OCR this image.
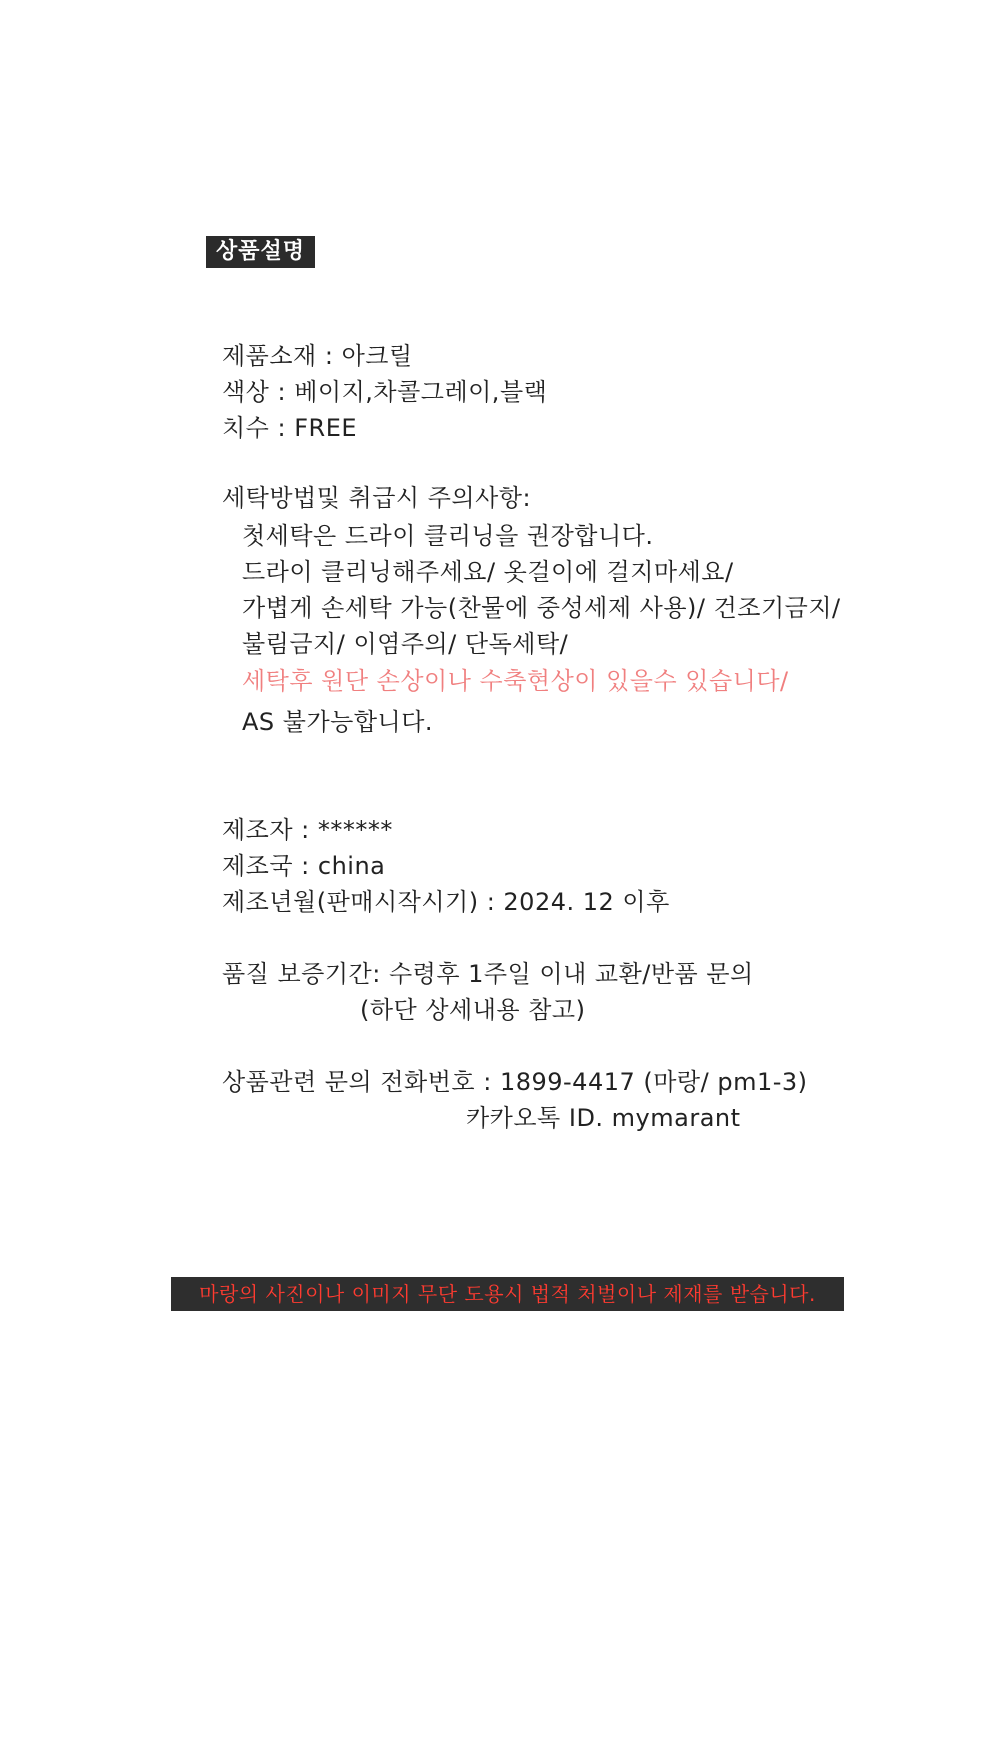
상품설명
제품소재 : 아크릴
색상 : 베이지,차콜그레이,블랙
치수 : FREE
세탁방법및 취급시 주의사항:
첫세탁은 드라이 클리닝을 권장합니다.
드라이 클리닝해주세요/ 옷걸이에 걸지마세요/
가볍게 손세탁 가능(찬물에 중성세제 사용)/ 건조기금지/
불림금지/ 이염주의/ 단독세탁/
세탁후 원단 손상이나 수축현상이 있을수 있습니다/
AS 불가능합니다.
제조자 : ******
제조국 : china
제조년월(판매시작시기) : 2024. 12 이후
품질 보증기간: 수령후 1주일 이내 교환/반품 문의
(하단 상세내용 참고)
상품관련 문의 전화번호 : 1899-4417 (마랑/ pm1-3)
카카오톡 ID. mymarant
마랑의 사진이나 이미지 무단 도용시 법적 처벌이나 제재를 받습니다.
